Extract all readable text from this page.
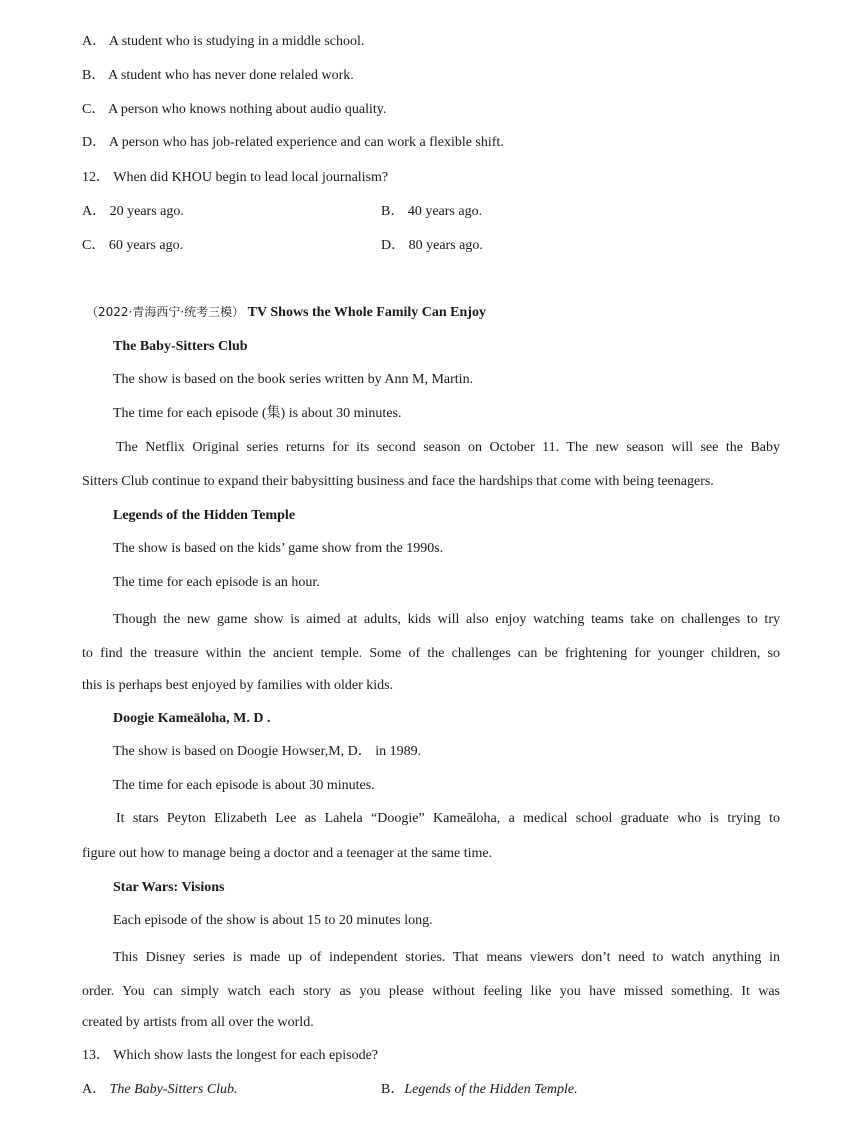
A． A student who is studying in a middle school.
B． A student who has never done relaled work.
C． A person who knows nothing about audio quality.
D． A person who has job-related experience and can work a flexible shift.
12． When did KHOU begin to lead local journalism?
A． 20 years ago.	B． 40 years ago.
C． 60 years ago.	D． 80 years ago.
（2022·青海西宁·统考三模） TV Shows the Whole Family Can Enjoy
The Baby-Sitters Club
The show is based on the book series written by Ann M, Martin.
The time for each episode (集) is about 30 minutes.
The Netflix Original series returns for its second season on October 11. The new season will see the Baby
Sitters Club continue to expand their babysitting business and face the hardships that come with being teenagers.
Legends of the Hidden Temple
The show is based on the kids’ game show from the 1990s.
The time for each episode is an hour.
Though the new game show is aimed at adults, kids will also enjoy watching teams take on challenges to try
to find the treasure within the ancient temple. Some of the challenges can be frightening for younger children, so
this is perhaps best enjoyed by families with older kids.
Doogie Kameāloha, M. D .
The show is based on Doogie Howser,M, D． in 1989.
The time for each episode is about 30 minutes.
It stars Peyton Elizabeth Lee as Lahela “Doogie” Kameāloha, a medical school graduate who is trying to
figure out how to manage being a doctor and a teenager at the same time.
Star Wars: Visions
Each episode of the show is about 15 to 20 minutes long.
This Disney series is made up of independent stories. That means viewers don’t need to watch anything in
order. You can simply watch each story as you please without feeling like you have missed something. It was
created by artists from all over the world.
13． Which show lasts the longest for each episode?
A． The Baby-Sitters Club.	B．Legends of the Hidden Temple.
